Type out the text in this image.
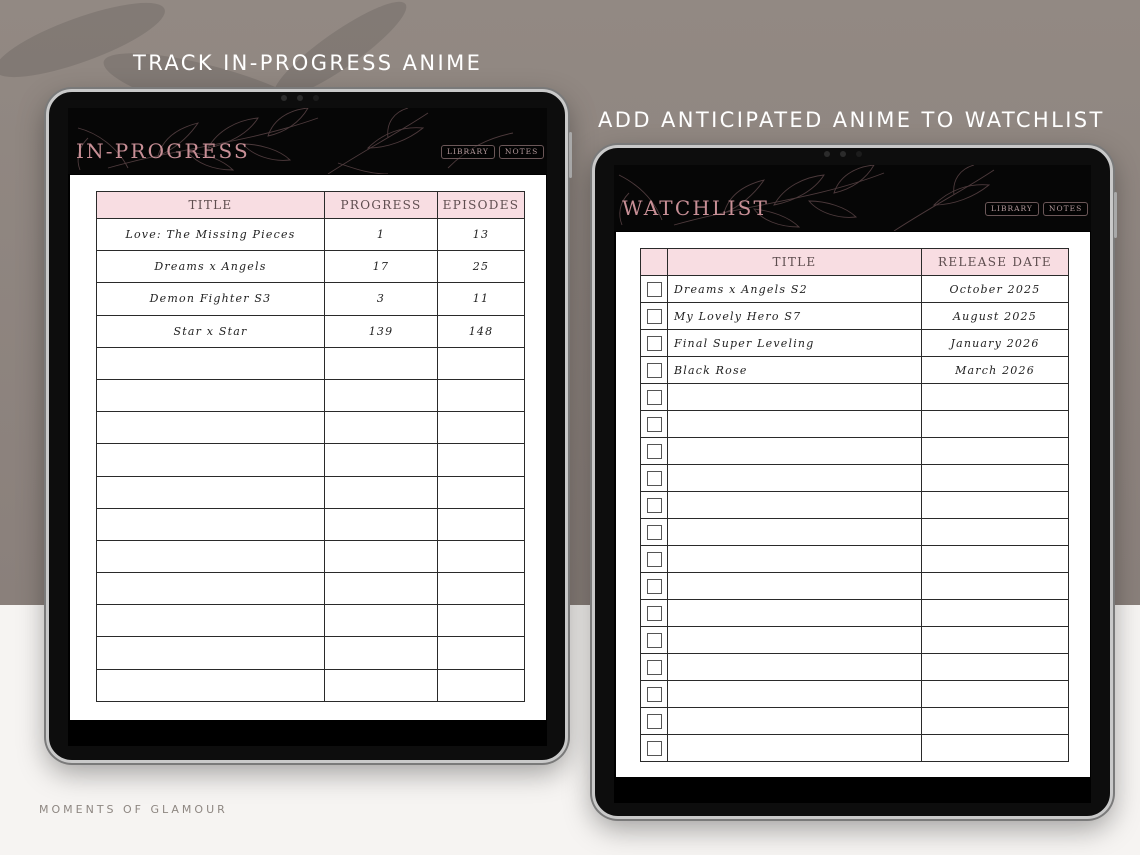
TRACK IN-PROGRESS ANIME
ADD ANTICIPATED ANIME TO WATCHLIST
MOMENTS OF GLAMOUR
IN-PROGRESS	LIBRARY	NOTES
TITLE	PROGRESS	EPISODES
Love: The Missing Pieces	1	13
Dreams x Angels	17	25
Demon Fighter S3	3	11
Star x Star	139	148

WATCHLIST	LIBRARY	NOTES
	TITLE	RELEASE DATE

	Dreams x Angels S2	October 2025

	My Lovely Hero S7	August 2025

	Final Super Leveling	January 2026

	Black Rose	March 2026
